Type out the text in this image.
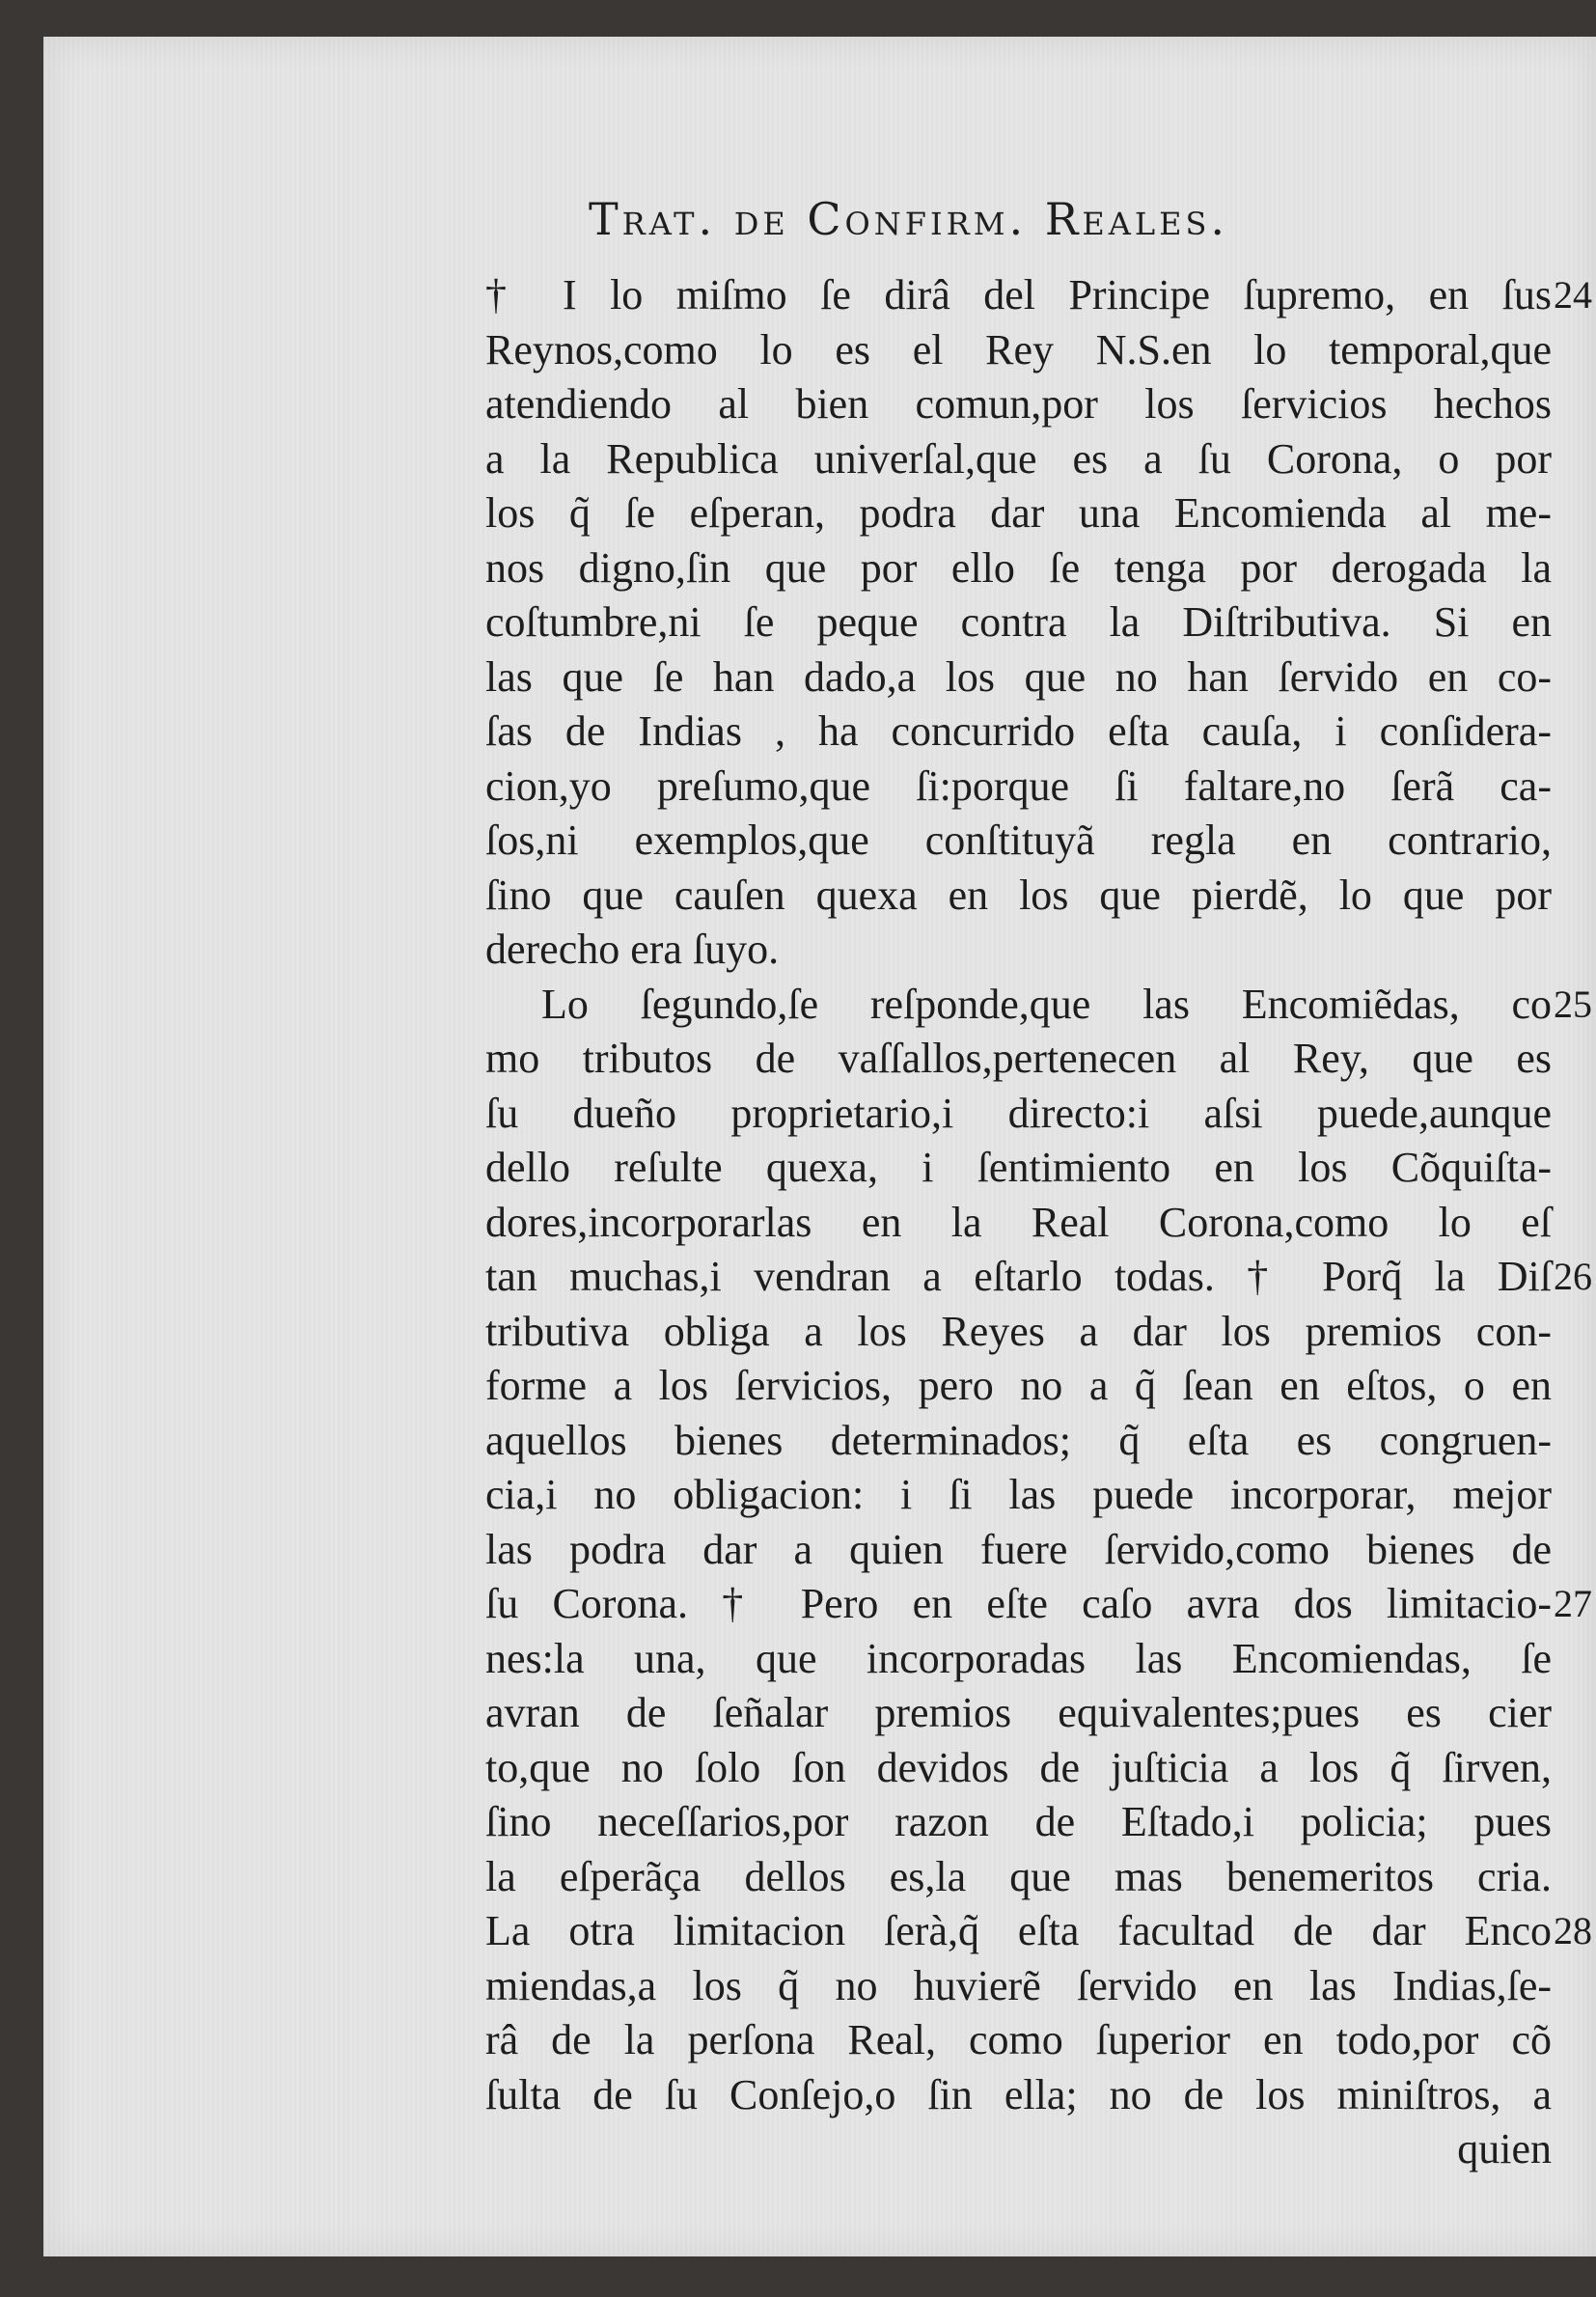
Trat. de Confirm. Reales.
† I lo miſmo ſe dirâ del Principe ſupremo, en ſus
Reynos,como lo es el Rey N.S.en lo temporal,que
atendiendo al bien comun,por los ſervicios hechos
a la Republica univerſal,que es a ſu Corona, o por
los q̃ ſe eſperan, podra dar una Encomienda al me-
nos digno,ſin que por ello ſe tenga por derogada la
coſtumbre,ni ſe peque contra la Diſtributiva. Si en
las que ſe han dado,a los que no han ſervido en co-
ſas de Indias , ha concurrido eſta cauſa, i conſidera-
cion,yo preſumo,que ſi:porque ſi faltare,no ſerã ca-
ſos,ni exemplos,que conſtituyã regla en contrario,
ſino que cauſen quexa en los que pierdẽ, lo que por
derecho era ſuyo.
Lo ſegundo,ſe reſponde,que las Encomiẽdas, co
mo tributos de vaſſallos,pertenecen al Rey, que es
ſu dueño proprietario,i directo:i aſsi puede,aunque
dello reſulte quexa, i ſentimiento en los Cõquiſta-
dores,incorporarlas en la Real Corona,como lo eſ
tan muchas,i vendran a eſtarlo todas. † Porq̃ la Diſ
tributiva obliga a los Reyes a dar los premios con-
forme a los ſervicios, pero no a q̃ ſean en eſtos, o en
aquellos bienes determinados; q̃ eſta es congruen-
cia,i no obligacion: i ſi las puede incorporar, mejor
las podra dar a quien fuere ſervido,como bienes de
ſu Corona. † Pero en eſte caſo avra dos limitacio-
nes:la una, que incorporadas las Encomiendas, ſe
avran de ſeñalar premios equivalentes;pues es cier
to,que no ſolo ſon devidos de juſticia a los q̃ ſirven,
ſino neceſſarios,por razon de Eſtado,i policia; pues
la eſperãça dellos es,la que mas benemeritos cria.
La otra limitacion ſerà,q̃ eſta facultad de dar Enco
miendas,a los q̃ no huvierẽ ſervido en las Indias,ſe-
râ de la perſona Real, como ſuperior en todo,por cõ
ſulta de ſu Conſejo,o ſin ella; no de los miniſtros, a
quien
24
25
26
27
28
